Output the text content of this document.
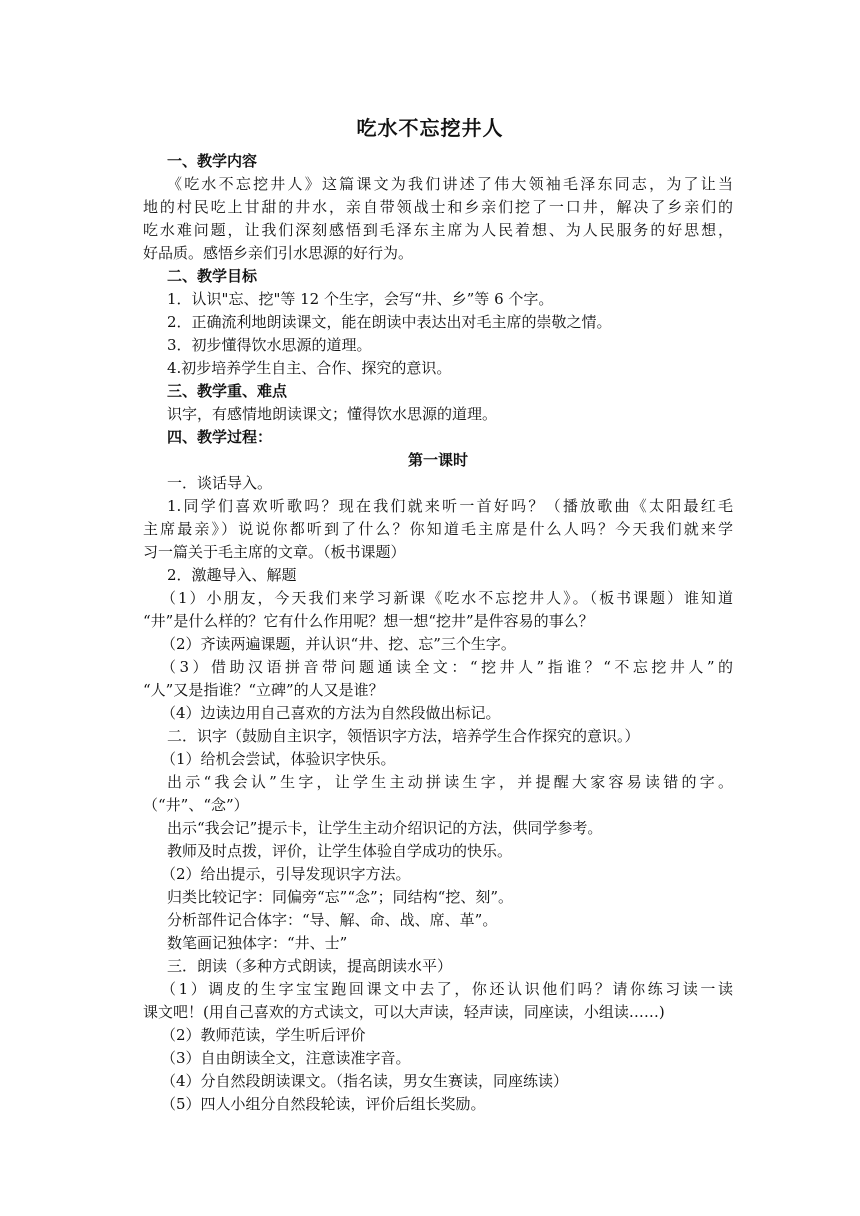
吃水不忘挖井人
一、教学内容
《吃水不忘挖井人》这篇课文为我们讲述了伟大领袖毛泽东同志，为了让当
地的村民吃上甘甜的井水，亲自带领战士和乡亲们挖了一口井，解决了乡亲们的
吃水难问题，让我们深刻感悟到毛泽东主席为人民着想、为人民服务的好思想，
好品质。感悟乡亲们引水思源的好行为。
二、教学目标
1．认识"忘、挖"等 12 个生字，会写“井、乡”等 6 个字。
2．正确流利地朗读课文，能在朗读中表达出对毛主席的崇敬之情。
3．初步懂得饮水思源的道理。
4.初步培养学生自主、合作、探究的意识。
三、教学重、难点
识字，有感情地朗读课文；懂得饮水思源的道理。
四、教学过程：
第一课时
一．谈话导入。
1.同学们喜欢听歌吗？现在我们就来听一首好吗？（播放歌曲《太阳最红毛
主席最亲》）说说你都听到了什么？你知道毛主席是什么人吗？今天我们就来学
习一篇关于毛主席的文章。（板书课题）
2．激趣导入、解题
（1）小朋友，今天我们来学习新课《吃水不忘挖井人》。（板书课题）谁知道
“井”是什么样的？它有什么作用呢？想一想“挖井”是件容易的事么？
（2）齐读两遍课题，并认识“井、挖、忘”三个生字。
（3）借助汉语拼音带问题通读全文：“挖井人”指谁？“不忘挖井人”的
“人”又是指谁？“立碑”的人又是谁？
（4）边读边用自己喜欢的方法为自然段做出标记。
二．识字（鼓励自主识字，领悟识字方法，培养学生合作探究的意识。）
（1）给机会尝试，体验识字快乐。
出示“我会认”生字，让学生主动拼读生字，并提醒大家容易读错的字。
（“井”、“念”）
出示“我会记”提示卡，让学生主动介绍识记的方法，供同学参考。
教师及时点拨，评价，让学生体验自学成功的快乐。
（2）给出提示，引导发现识字方法。
归类比较记字：同偏旁“忘”“念”；同结构“挖、刻”。
分析部件记合体字：“导、解、命、战、席、革”。
数笔画记独体字：“井、士”
三．朗读（多种方式朗读，提高朗读水平）
（1）调皮的生字宝宝跑回课文中去了，你还认识他们吗？请你练习读一读
课文吧！(用自己喜欢的方式读文，可以大声读，轻声读，同座读，小组读……)
（2）教师范读，学生听后评价
（3）自由朗读全文，注意读准字音。
（4）分自然段朗读课文。（指名读，男女生赛读，同座练读）
（5）四人小组分自然段轮读，评价后组长奖励。
